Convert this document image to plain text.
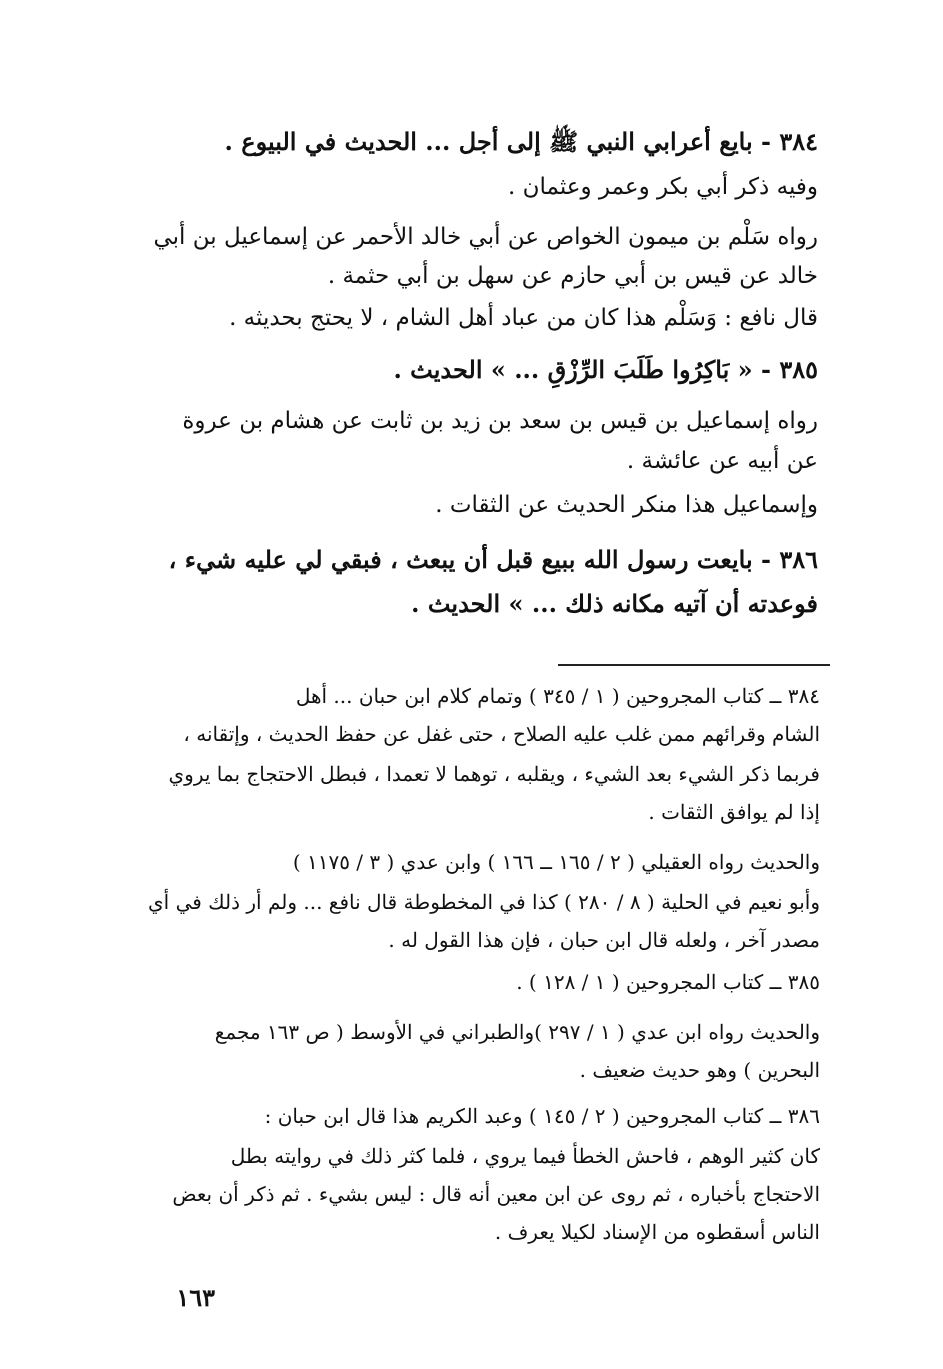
٣٨٤ - بايع أعرابي النبي ﷺ إلى أجل ... الحديث في البيوع .
وفيه ذكر أبي بكر وعمر وعثمان .
رواه سَلْم بن ميمون الخواص عن أبي خالد الأحمر عن إسماعيل بن أبي
خالد عن قيس بن أبي حازم عن سهل بن أبي حثمة .
قال نافع : وَسَلْم هذا كان من عباد أهل الشام ، لا يحتج بحديثه .
٣٨٥ - « بَاكِرُوا طَلَبَ الرِّزْقِ ... » الحديث .
رواه إسماعيل بن قيس بن سعد بن زيد بن ثابت عن هشام بن عروة
عن أبيه عن عائشة .
وإسماعيل هذا منكر الحديث عن الثقات .
٣٨٦ - بايعت رسول الله ببيع قبل أن يبعث ، فبقي لي عليه شيء ،
فوعدته أن آتيه مكانه ذلك ... » الحديث .
٣٨٤ ــ كتاب المجروحين ( ١ / ٣٤٥ ) وتمام كلام ابن حبان ... أهل
الشام وقرائهم ممن غلب عليه الصلاح ، حتى غفل عن حفظ الحديث ، وإتقانه ،
فربما ذكر الشيء بعد الشيء ، ويقلبه ، توهما لا تعمدا ، فبطل الاحتجاج بما يروي
إذا لم يوافق الثقات .
والحديث رواه العقيلي ( ٢ / ١٦٥ ــ ١٦٦ ) وابن عدي ( ٣ / ١١٧٥ )
وأبو نعيم في الحلية ( ٨ / ٢٨٠ ) كذا في المخطوطة قال نافع ... ولم أر ذلك في أي
مصدر آخر ، ولعله قال ابن حبان ، فإن هذا القول له .
٣٨٥ ــ كتاب المجروحين ( ١ / ١٢٨ ) .
والحديث رواه ابن عدي ( ١ / ٢٩٧ )والطبراني في الأوسط ( ص ١٦٣ مجمع
البحرين ) وهو حديث ضعيف .
٣٨٦ ــ كتاب المجروحين ( ٢ / ١٤٥ ) وعبد الكريم هذا قال ابن حبان :
كان كثير الوهم ، فاحش الخطأ فيما يروي ، فلما كثر ذلك في روايته بطل
الاحتجاج بأخباره ، ثم روى عن ابن معين أنه قال : ليس بشيء . ثم ذكر أن بعض
الناس أسقطوه من الإسناد لكيلا يعرف .
١٦٣
